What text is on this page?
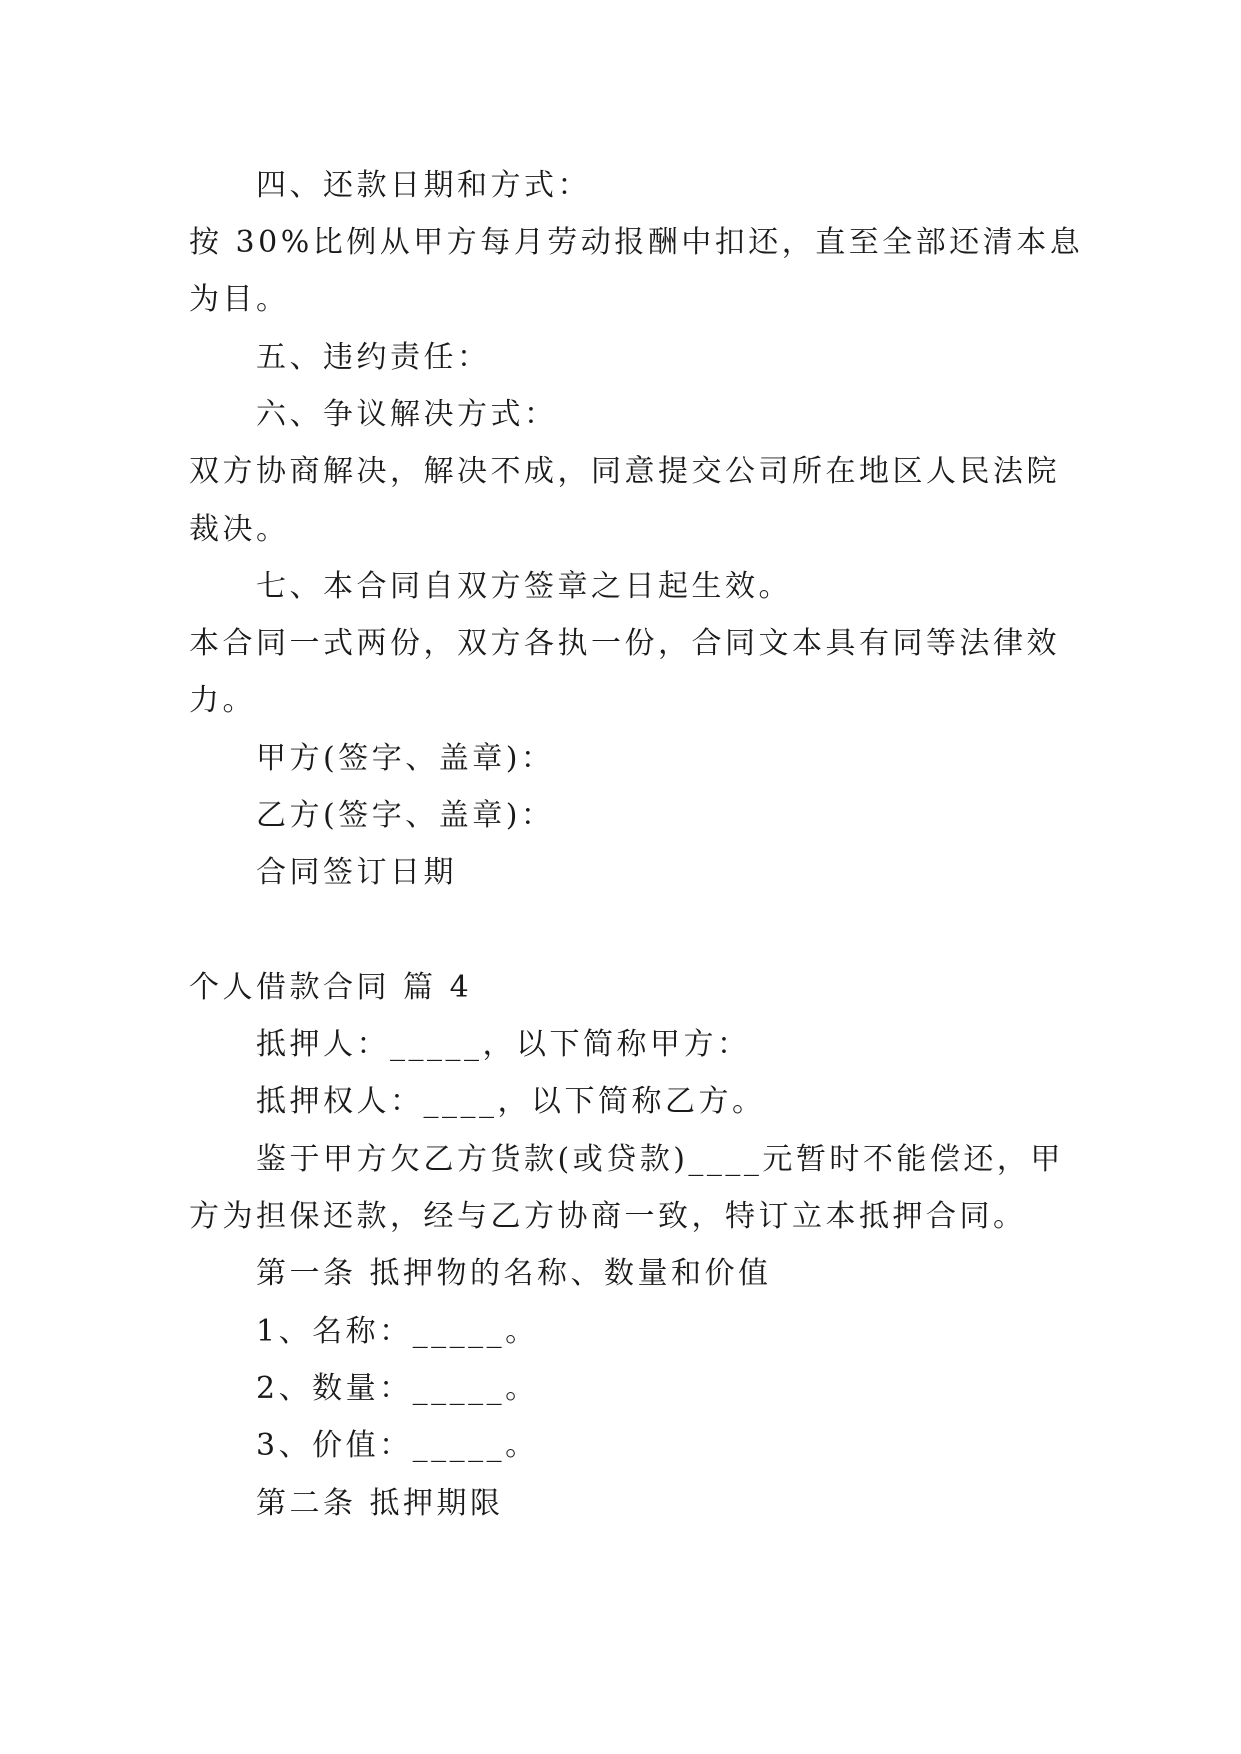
四、还款日期和方式：
按 30%比例从甲方每月劳动报酬中扣还，直至全部还清本息
为目。
五、违约责任：
六、争议解决方式：
双方协商解决，解决不成，同意提交公司所在地区人民法院
裁决。
七、本合同自双方签章之日起生效。
本合同一式两份，双方各执一份，合同文本具有同等法律效
力。
甲方(签字、盖章)：
乙方(签字、盖章)：
合同签订日期
个人借款合同 篇 4
抵押人：_____，以下简称甲方：
抵押权人：____，以下简称乙方。
鉴于甲方欠乙方货款(或贷款)____元暂时不能偿还，甲
方为担保还款，经与乙方协商一致，特订立本抵押合同。
第一条 抵押物的名称、数量和价值
1、名称：_____。
2、数量：_____。
3、价值：_____。
第二条 抵押期限
